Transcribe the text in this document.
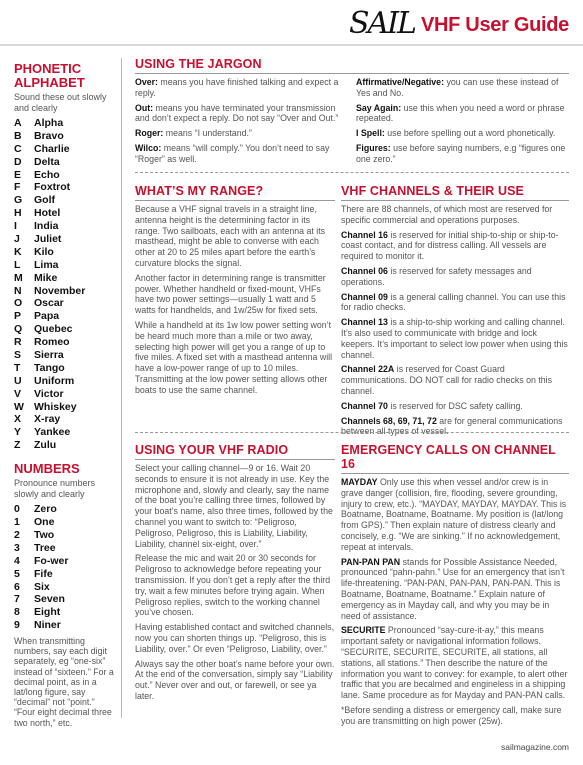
SAIL VHF User Guide
PHONETIC
ALPHABET
Sound these out slowly and clearly
A	Alpha
B	Bravo
C	Charlie
D	Delta
E	Echo
F	Foxtrot
G	Golf
H	Hotel
I	India
J	Juliet
K	Kilo
L	Lima
M	Mike
N	November
O	Oscar
P	Papa
Q	Quebec
R	Romeo
S	Sierra
T	Tango
U	Uniform
V	Victor
W Whiskey
X	X-ray
Y	Yankee
Z	Zulu
NUMBERS
Pronounce numbers slowly and clearly
0	Zero
1	One
2	Two
3	Tree
4	Fo-wer
5	Fife
6	Six
7	Seven
8	Eight
9	Niner
When transmitting numbers, say each digit separately, eg “one-six” instead of “sixteen.” For a decimal point, as in a lat/long figure, say “decimal” not “point.” “Four eight decimal three two north,” etc.
USING THE JARGON
Over: means you have finished talking and expect a reply.
Out: means you have terminated your transmission and don’t expect a reply. Do not say “Over and Out.”
Roger: means “I understand.”
Wilco: means “will comply.” You don’t need to say “Roger” as well.
Affirmative/Negative: you can use these instead of Yes and No.
Say Again: use this when you need a word or phrase repeated.
I Spell: use before spelling out a word phonetically.
Figures: use before saying numbers, e.g “figures one one zero.”
WHAT’S MY RANGE?
Because a VHF signal travels in a straight line, antenna height is the determining factor in its range. Two sailboats, each with an antenna at its masthead, might be able to converse with each other at 20 to 25 miles apart before the earth’s curvature blocks the signal.
Another factor in determining range is transmitter power. Whether handheld or fixed-mount, VHFs have two power settings—usually 1 watt and 5 watts for handhelds, and 1w/25w for fixed sets.
While a handheld at its 1w low power setting won’t be heard much more than a mile or two away, selecting high power will get you a range of up to five miles. A fixed set with a masthead antenna will have a low-power range of up to 10 miles. Transmitting at the low power setting allows other boats to use the same channel.
VHF CHANNELS & THEIR USE
There are 88 channels, of which most are reserved for specific commercial and operations purposes.
Channel 16 is reserved for initial ship-to-ship or ship-to-coast contact, and for distress calling. All vessels are required to monitor it.
Channel 06 is reserved for safety messages and operations.
Channel 09 is a general calling channel. You can use this for radio checks.
Channel 13 is a ship-to-ship working and calling channel. It’s also used to communicate with bridge and lock keepers. It’s important to select low power when using this channel.
Channel 22A is reserved for Coast Guard communications. DO NOT call for radio checks on this channel.
Channel 70 is reserved for DSC safety calling.
Channels 68, 69, 71, 72 are for general communications between all types of vessel.
USING YOUR VHF RADIO
Select your calling channel—9 or 16. Wait 20 seconds to ensure it is not already in use. Key the microphone and, slowly and clearly, say the name of the boat you’re calling three times, followed by your boat’s name, also three times, followed by the channel you want to switch to: “Peligroso, Peligroso, Peligroso, this is Liability, Liability, Liability, channel six-eight, over.”
Release the mic and wait 20 or 30 seconds for Peligroso to acknowledge before repeating your transmission. If you don’t get a reply after the third try, wait a few minutes before trying again. When Peligroso replies, switch to the working channel you’ve chosen.
Having established contact and switched channels, now you can shorten things up. “Peligroso, this is Liability, over.” Or even “Peligroso, Liability, over.”
Always say the other boat’s name before your own. At the end of the conversation, simply say “Liability out.” Never over and out, or farewell, or see ya later.
EMERGENCY CALLS ON CHANNEL 16
MAYDAY Only use this when vessel and/or crew is in grave danger (collision, fire, flooding, severe grounding, injury to crew, etc.). “MAYDAY, MAYDAY, MAYDAY. This is Boatname, Boatname, Boatname. My position is (lat/long from GPS).” Then explain nature of distress clearly and concisely, e.g. “We are sinking.” If no acknowledgement, repeat at intervals.
PAN-PAN PAN stands for Possible Assistance Needed, pronounced “pahn-pahn.” Use for an emergency that isn’t life-threatening. “PAN-PAN, PAN-PAN, PAN-PAN. This is Boatname, Boatname, Boatname.” Explain nature of emergency as in Mayday call, and why you may be in need of assistance.
SECURITE Pronounced “say-cure-it-ay,” this means important safety or navigational information follows. “SECURITE, SECURITE, SECURITE, all stations, all stations, all stations.” Then describe the nature of the information you want to convey: for example, to alert other traffic that you are becalmed and engineless in a shipping lane. Same procedure as for Mayday and PAN-PAN calls.
*Before sending a distress or emergency call, make sure you are transmitting on high power (25w).
sailmagazine.com
